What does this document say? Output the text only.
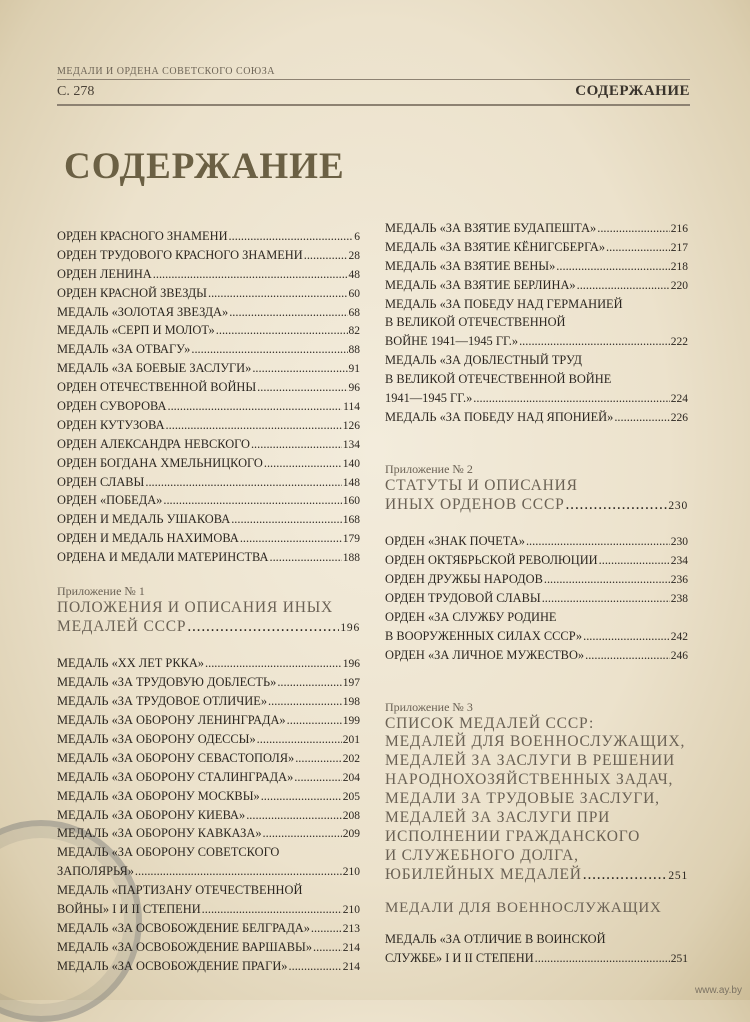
МЕДАЛИ И ОРДЕНА СОВЕТСКОГО СОЮЗА
С. 278	СОДЕРЖАНИЕ
СОДЕРЖАНИЕ
ОРДЕН КРАСНОГО ЗНАМЕНИ .....	6
ОРДЕН ТРУДОВОГО КРАСНОГО ЗНАМЕНИ .....	28
ОРДЕН ЛЕНИНА .....	48
ОРДЕН КРАСНОЙ ЗВЕЗДЫ .....	60
МЕДАЛЬ «ЗОЛОТАЯ ЗВЕЗДА» .....	68
МЕДАЛЬ «СЕРП И МОЛОТ» .....	82
МЕДАЛЬ «ЗА ОТВАГУ» .....	88
МЕДАЛЬ «ЗА БОЕВЫЕ ЗАСЛУГИ» .....	91
ОРДЕН ОТЕЧЕСТВЕННОЙ ВОЙНЫ .....	96
ОРДЕН СУВОРОВА .....	114
ОРДЕН КУТУЗОВА .....	126
ОРДЕН АЛЕКСАНДРА НЕВСКОГО .....	134
ОРДЕН БОГДАНА ХМЕЛЬНИЦКОГО .....	140
ОРДЕН СЛАВЫ .....	148
ОРДЕН «ПОБЕДА» .....	160
ОРДЕН И МЕДАЛЬ УШАКОВА .....	168
ОРДЕН И МЕДАЛЬ НАХИМОВА .....	179
ОРДЕНА И МЕДАЛИ МАТЕРИНСТВА .....	188
Приложение № 1
ПОЛОЖЕНИЯ И ОПИСАНИЯ ИНЫХ
МЕДАЛЕЙ СССР .....	196
МЕДАЛЬ «XX ЛЕТ РККА» .....	196
МЕДАЛЬ «ЗА ТРУДОВУЮ ДОБЛЕСТЬ» .....	197
МЕДАЛЬ «ЗА ТРУДОВОЕ ОТЛИЧИЕ» .....	198
МЕДАЛЬ «ЗА ОБОРОНУ ЛЕНИНГРАДА» .....	199
МЕДАЛЬ «ЗА ОБОРОНУ ОДЕССЫ» .....	201
МЕДАЛЬ «ЗА ОБОРОНУ СЕВАСТОПОЛЯ» .....	202
МЕДАЛЬ «ЗА ОБОРОНУ СТАЛИНГРАДА» .....	204
МЕДАЛЬ «ЗА ОБОРОНУ МОСКВЫ» .....	205
МЕДАЛЬ «ЗА ОБОРОНУ КИЕВА» .....	208
МЕДАЛЬ «ЗА ОБОРОНУ КАВКАЗА» .....	209
МЕДАЛЬ «ЗА ОБОРОНУ СОВЕТСКОГО
ЗАПОЛЯРЬЯ» .....	210
МЕДАЛЬ «ПАРТИЗАНУ ОТЕЧЕСТВЕННОЙ
ВОЙНЫ» I И II СТЕПЕНИ .....	210
МЕДАЛЬ «ЗА ОСВОБОЖДЕНИЕ БЕЛГРАДА» .....	213
МЕДАЛЬ «ЗА ОСВОБОЖДЕНИЕ ВАРШАВЫ» .....	214
МЕДАЛЬ «ЗА ОСВОБОЖДЕНИЕ ПРАГИ» .....	214
МЕДАЛЬ «ЗА ВЗЯТИЕ БУДАПЕШТА» .....	216
МЕДАЛЬ «ЗА ВЗЯТИЕ КЁНИГСБЕРГА» .....	217
МЕДАЛЬ «ЗА ВЗЯТИЕ ВЕНЫ» .....	218
МЕДАЛЬ «ЗА ВЗЯТИЕ БЕРЛИНА» .....	220
МЕДАЛЬ «ЗА ПОБЕДУ НАД ГЕРМАНИЕЙ
В ВЕЛИКОЙ ОТЕЧЕСТВЕННОЙ
ВОЙНЕ 1941—1945 ГГ.» .....	222
МЕДАЛЬ «ЗА ДОБЛЕСТНЫЙ ТРУД
В ВЕЛИКОЙ ОТЕЧЕСТВЕННОЙ ВОЙНЕ
1941—1945 ГГ.» .....	224
МЕДАЛЬ «ЗА ПОБЕДУ НАД ЯПОНИЕЙ» .....	226
Приложение № 2
СТАТУТЫ И ОПИСАНИЯ
ИНЫХ ОРДЕНОВ СССР .....	230
ОРДЕН «ЗНАК ПОЧЕТА» .....	230
ОРДЕН ОКТЯБРЬСКОЙ РЕВОЛЮЦИИ .....	234
ОРДЕН ДРУЖБЫ НАРОДОВ .....	236
ОРДЕН ТРУДОВОЙ СЛАВЫ .....	238
ОРДЕН «ЗА СЛУЖБУ РОДИНЕ
В ВООРУЖЕННЫХ СИЛАХ СССР» .....	242
ОРДЕН «ЗА ЛИЧНОЕ МУЖЕСТВО» .....	246
Приложение № 3
СПИСОК МЕДАЛЕЙ СССР:
МЕДАЛЕЙ ДЛЯ ВОЕННОСЛУЖАЩИХ,
МЕДАЛЕЙ ЗА ЗАСЛУГИ В РЕШЕНИИ
НАРОДНОХОЗЯЙСТВЕННЫХ ЗАДАЧ,
МЕДАЛИ ЗА ТРУДОВЫЕ ЗАСЛУГИ,
МЕДАЛЕЙ ЗА ЗАСЛУГИ ПРИ
ИСПОЛНЕНИИ ГРАЖДАНСКОГО
И СЛУЖЕБНОГО ДОЛГА,
ЮБИЛЕЙНЫХ МЕДАЛЕЙ .....	251
МЕДАЛИ ДЛЯ ВОЕННОСЛУЖАЩИХ
МЕДАЛЬ «ЗА ОТЛИЧИЕ В ВОИНСКОЙ
СЛУЖБЕ» I И II СТЕПЕНИ .....	251
www.ay.by
